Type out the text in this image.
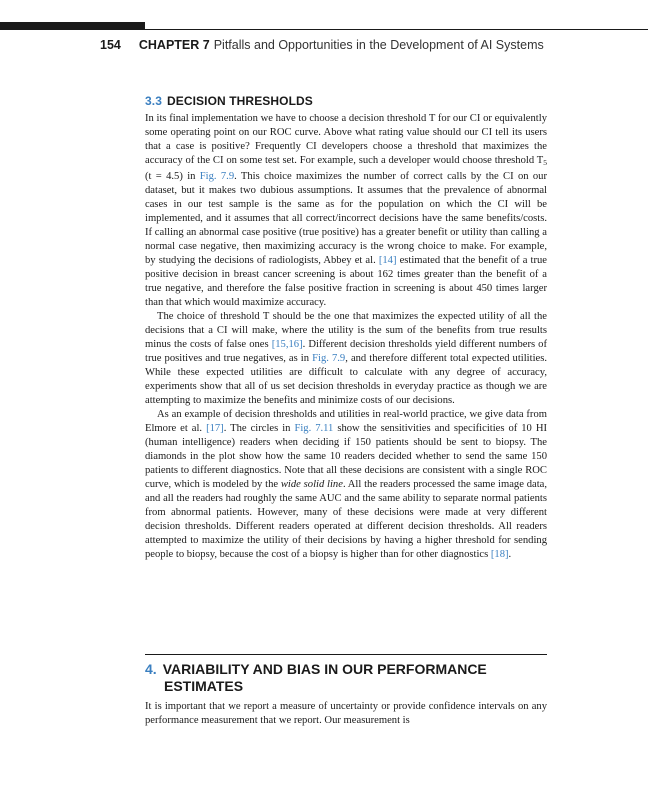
154 CHAPTER 7 Pitfalls and Opportunities in the Development of AI Systems
3.3 DECISION THRESHOLDS

In its final implementation we have to choose a decision threshold T for our CI or equivalently some operating point on our ROC curve. Above what rating value should our CI tell its users that a case is positive? Frequently CI developers choose a threshold that maximizes the accuracy of the CI on some test set. For example, such a developer would choose threshold $T_5$ (t = 4.5) in Fig. 7.9. This choice maximizes the number of correct calls by the CI on our dataset, but it makes two dubious assumptions. It assumes that the prevalence of abnormal cases in our test sample is the same as for the population on which the CI will be implemented, and it assumes that all correct/incorrect decisions have the same benefits/costs. If calling an abnormal case positive (true positive) has a greater benefit or utility than calling a normal case negative, then maximizing accuracy is the wrong choice to make. For example, by studying the decisions of radiologists, Abbey et al. [14] estimated that the benefit of a true positive decision in breast cancer screening is about 162 times greater than the benefit of a true negative, and therefore the false positive fraction in screening is about 450 times larger than that which would maximize accuracy.

The choice of threshold T should be the one that maximizes the expected utility of all the decisions that a CI will make, where the utility is the sum of the benefits from true results minus the costs of false ones [15,16]. Different decision thresholds yield different numbers of true positives and true negatives, as in Fig. 7.9, and therefore different total expected utilities. While these expected utilities are difficult to calculate with any degree of accuracy, experiments show that all of us set decision thresholds in everyday practice as though we are attempting to maximize the benefits and minimize costs of our decisions.

As an example of decision thresholds and utilities in real-world practice, we give data from Elmore et al. [17]. The circles in Fig. 7.11 show the sensitivities and specificities of 10 HI (human intelligence) readers when deciding if 150 patients should be sent to biopsy. The diamonds in the plot show how the same 10 readers decided whether to send the same 150 patients to different diagnostics. Note that all these decisions are consistent with a single ROC curve, which is modeled by the wide solid line. All the readers processed the same image data, and all the readers had roughly the same AUC and the same ability to separate normal patients from abnormal patients. However, many of these decisions were made at very different decision thresholds. Different readers operated at different decision thresholds. All readers attempted to maximize the utility of their decisions by having a higher threshold for sending people to biopsy, because the cost of a biopsy is higher than for other diagnostics [18].

4. VARIABILITY AND BIAS IN OUR PERFORMANCE
ESTIMATES

It is important that we report a measure of uncertainty or provide confidence intervals on any performance measurement that we report. Our measurement is
